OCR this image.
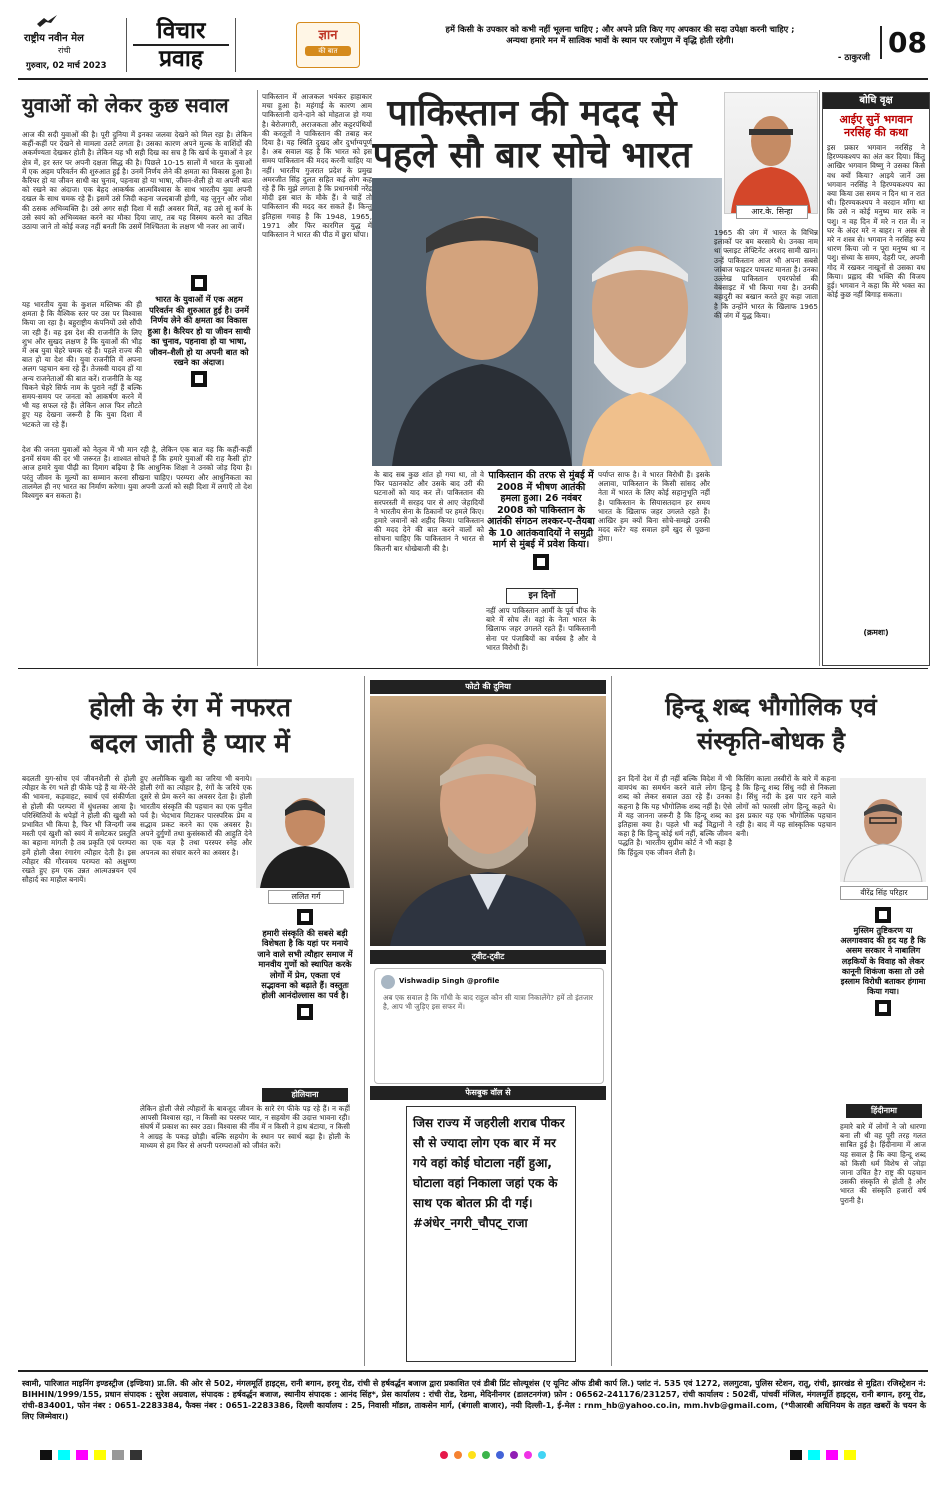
राष्ट्रीय नवीन मेल
रांची
गुरुवार, 02 मार्च 2023
विचार
प्रवाह
ज्ञान
की बात
हमें किसी के उपकार को कभी नहीं भूलना चाहिए ; और अपने प्रति किए गए अपकार की सदा उपेक्षा करनी चाहिए ;
अन्यथा हमारे मन में सात्विक भावों के स्थान पर रजोगुण में वृद्धि होती रहेगी।
- ठाकुरजी 08
युवाओं को लेकर कुछ सवाल
आज की सदी युवाओं की है। पूरी दुनिया में इनका जलवा देखने को मिल रहा है। लेकिन कहीं-कहीं पर देखने से मामला उलटे लगता है। उसका कारण अपने मुल्क के वाशिंदों की अकर्मण्यता देखकर होती है। लेकिन यह भी सही दिख का सच है कि खर्च के युवाओं ने हर क्षेत्र में, हर स्तर पर अपनी दक्षता सिद्ध की है। पिछले 10-15 सालों में भारत के युवाओं में एक अहम परिवर्तन की शुरुआत हुई है। उनमें निर्णय लेने की क्षमता का विकास हुआ है। कैरियर हो या जीवन साथी का चुनाव, पहनावा हो या भाषा, जीवन-शैली हो या अपनी बात को रखने का अंदाज। एक बेहद आकर्षक आत्मविश्वास के साथ भारतीय युवा अपनी दखल के साथ चमक रहे हैं। इसमें उसे जिदी कहना जल्दबाजी होगी, यह जुनून और जोश की ठसक अभिव्यक्ति है। उसे अगर सही दिशा में सही अवसर मिलें, वह उसे सुं कर्म के उसे स्वयं को अभिव्यक्त करने का मौका दिया जाए, तब यह विस्मय करने का उचित उठाया जाने तो कोई वजह नहीं बनती कि उसमें निश्चितता के लक्षण भी नजर आ जायें।
यह भारतीय युवा के कुशल मस्तिष्क की ही क्षमता है कि वैश्विक स्तर पर उस पर विश्वास किया जा रहा है। बहुराष्ट्रीय कंपनियों उसे सौंपी जा रही हैं। वह इस देश की राजनीति के लिए शुभ और सुखद लक्षण है कि युवाओं की भीड़ में अब युवा चेहरे चमक रहे हैं। पहले राज्य की बात हो या देश की। युवा राजनीति में अपना अलग पहचान बना रहे हैं। तेजस्वी यादव हों या अन्य राजनेताओं की बात करें। राजनीति के यह चिकने चेहरे सिर्फ नाम के पुराने नहीं हैं बल्कि समय-समय पर जनता को आकर्षण करने में भी यह सफल रहे हैं। लेकिन आज फिर लौटते हुए यह देखना जरूरी है कि युवा दिशा में भटकते जा रहे हैं।
भारत के युवाओं में एक अहम परिवर्तन की शुरुआत हुई है। उनमें निर्णय लेने की क्षमता का विकास हुआ है। कैरियर हो या जीवन साथी का चुनाव, पहनावा हो या भाषा, जीवन-शैली हो या अपनी बात को रखने का अंदाज।
देश की जनता युवाओं को नेतृत्व में भी मान रही है, लेकिन एक बात यह कि कहीं-कहीं इनमें संयम की दर भी जरूरत है। शाश्वत सोचते हैं कि हमारे युवाओं की राह कैसी हो? आज हमारे युवा पीढ़ी का दिमाग बढ़िया है कि आधुनिक शिक्षा ने उनको जोड़ दिया है। परंतु जीवन के मूल्यों का सम्मान करना सीखना चाहिए। परम्परा और आधुनिकता का तालमेल ही नए भारत का निर्माण करेगा। युवा अपनी ऊर्जा को सही दिशा में लगाएँ तो देश विश्वगुरु बन सकता है।
पाकिस्तान में आजकल भयंकर हाहाकार मचा हुआ है। महंगाई के कारण आम पाकिस्तानी दाने-दाने को मोहताज हो गया है। बेरोजगारी, अराजकता और कट्टरपंथियों की करतूतों ने पाकिस्तान की तबाह कर दिया है। यह स्थिति दुखद और दुर्भाग्यपूर्ण है। अब सवाल यह है कि भारत को इस समय पाकिस्तान की मदद करनी चाहिए या नहीं। भारतीय गुजरात प्रदेश के प्रमुख अमरजीत सिंह दुलत सहित कई लोग कह रहे हैं कि मुझे लगता है कि प्रधानमंत्री नरेंद्र मोदी इस बात के मौके हैं। वे चाहें तो पाकिस्तान की मदद कर सकते हैं। किन्तु इतिहास गवाह है कि 1948, 1965, 1971 और फिर कारगिल युद्ध में पाकिस्तान ने भारत की पीठ में छुरा घोंपा।
पाकिस्तान की मदद से पहले सौ बार सोचे भारत
आर.के. सिन्हा
के बाद सब कुछ शांत हो गया था, तो वे फिर पठानकोट और उसके बाद उरी की घटनाओं को याद कर लें। पाकिस्तान की सरपरस्ती में सरहद पार से आए जेहादियों ने भारतीय सेना के ठिकानों पर हमले किए। हमारे जवानों को शहीद किया। पाकिस्तान की मदद देने की बात करने वालों को सोचना चाहिए कि पाकिस्तान ने भारत से कितनी बार धोखेबाजी की है।
पाकिस्तान की तरफ से मुंबई में 2008 में भीषण आतंकी हमला हुआ। 26 नवंबर 2008 को पाकिस्तान के आतंकी संगठन लश्कर-ए-तैयबा के 10 आतंकवादियों ने समुद्री मार्ग से मुंबई में प्रवेश किया।
इन दिनों
नहीं आप पाकिस्तान आर्मी के पूर्व चीफ के बारे में सोच लें। वहां के नेता भारत के खिलाफ जहर उगलते रहते हैं। पाकिस्तानी सेना पर पंजाबियों का वर्चस्व है और वे भारत विरोधी हैं।
पर्याप्त साफ है। वे भारत विरोधी हैं। इसके अलावा, पाकिस्तान के किसी सांसद और नेता में भारत के लिए कोई सहानुभूति नहीं है। पाकिस्तान के सियासतदान हर समय भारत के खिलाफ जहर उगलते रहते हैं। आखिर हम क्यों बिना सोचे-समझे उनकी मदद करें? यह सवाल हमें खुद से पूछना होगा।
1965 की जंग में भारत के विभिन्न इलाकों पर बम बरसाये थे। उनका नाम था फ्लाइट लेफ्टिनेंट अरशद सामी खान। उन्हें पाकिस्तान आज भी अपना सबसे जांबाज फाइटर पायलट मानता है। उनका उल्लेख पाकिस्तान एयरफोर्स की वेबसाइट में भी किया गया है। उनकी बहादुरी का बखान करते हुए कहा जाता है कि उन्होंने भारत के खिलाफ 1965 की जंग में युद्ध किया।
बोधि वृक्ष
आईए सुनें भगवान नरसिंह की कथा
इस प्रकार भगवान नरसिंह ने हिरण्यकश्यप का अंत कर दिया। किंतु आखिर भगवान विष्णु ने उसका किसे वध क्यों किया? आइये जानें उस भगवान नरसिंह ने हिरण्यकश्यप का क्या किया उस समय न दिन था न रात थी। हिरण्यकश्यप ने वरदान माँगा था कि उसे न कोई मनुष्य मार सके न पशु। न वह दिन में मरे न रात में। न घर के अंदर मरे न बाहर। न अस्त्र से मरे न शस्त्र से। भगवान ने नरसिंह रूप धारण किया जो न पूरा मनुष्य था न पशु। संध्या के समय, देहरी पर, अपनी गोद में रखकर नाखूनों से उसका वध किया। प्रह्लाद की भक्ति की विजय हुई। भगवान ने कहा कि मेरे भक्त का कोई कुछ नहीं बिगाड़ सकता।
(क्रमशः)
होली के रंग में नफरत
बदल जाती है प्यार में
बदलती युग-सोच एवं जीवनशैली से होली त्यौहार के रंग भले ही फीके पड़े हैं या मेरे-तेरे की भावना, कड़वाहट, स्वार्थ एवं संकीर्णता से होली की परम्परा में धुंधलका आया है। परिस्थितियों के थपेड़ों ने होली की खुशी को प्रभावित भी किया है, फिर भी जिन्दगी जब मस्ती एवं खुशी को स्वयं में समेटकर प्रस्तुति का बहाना मांगती है तब प्रकृति एवं परम्परा हमें होली जैसा रंगारंग त्यौहार देती है। इस त्यौहार की गौरवमय परम्परा को अक्षुण्ण रखते हुए हम एक उन्नत आत्मउन्नयन एवं सौहार्द का माहौल बनायें।
हुए अलौकिक खुशी का जरिया भी बनाये। होली रंगों का त्योहार है, रंगों के जरिये एक दूसरे से प्रेम करने का अवसर देता है। होली भारतीय संस्कृति की पहचान का एक पुनीत पर्व है। भेदभाव मिटाकर पारस्परिक प्रेम व सद्भाव प्रकट करने का एक अवसर है। अपने दुर्गुणों तथा कुसंस्कारों की आहुति देने का एक यज्ञ है तथा परस्पर स्नेह और अपनत्व का संचार करने का अवसर है।
ललित गर्ग
हमारी संस्कृति की सबसे बड़ी विशेषता है कि यहां पर मनाये जाने वाले सभी त्यौहार समाज में मानवीय गुणों को स्थापित करके लोगों में प्रेम, एकता एवं सद्भावना को बढ़ाते हैं। वस्तुतः होली आनंदोल्लास का पर्व है।
होलियाना
लेकिन होली जैसे त्यौहारों के बावजूद जीवन के सारे रंग फीके पड़ रहे हैं। न कहीं आपसी विश्वास रहा, न किसी का परस्पर प्यार, न सहयोग की उदात्त भावना रही। संघर्ष में प्रकाश का स्वर उठा। विश्वास की नींव में न किसी ने हाथ बंटाया, न किसी ने आग्रह के पकड़ छोड़ी। बल्कि सहयोग के स्थान पर स्वार्थ बढ़ा है। होली के माध्यम से हम फिर से अपनी परम्पराओं को जीवंत करें।
फोटो की दुनिया
ट्वीट-ट्वीट
Vishwadip Singh @profile
अब एक सवाल है कि गाँधी के बाद राहुल कौन सी यात्रा निकालेंगे? हमें तो इंतजार है, आप भी जुड़िए इस सफर में।
फेसबुक वॉल से
जिस राज्य में जहरीली शराब पीकर सौ से ज्यादा लोग एक बार में मर गये वहां कोई घोटाला नहीं हुआ, घोटाला वहां निकाला जहां एक के साथ एक बोतल फ्री दी गई। #अंधेर_नगरी_चौपट्_राजा
हिन्दू शब्द भौगोलिक एवं
संस्कृति-बोधक है
इन दिनों देश में ही नहीं बल्कि विदेश में भी वामपंथ का समर्थन करने वाले लोग हिन्दू शब्द को लेकर सवाल उठा रहे हैं। उनका कहना है कि यह भौगोलिक शब्द नहीं है। ऐसे में यह जानना जरूरी है कि हिन्दू शब्द का इतिहास क्या है। पहले भी कई विद्वानों ने कहा है कि हिन्दू कोई धर्म नहीं, बल्कि जीवन पद्धति है। भारतीय सुप्रीम कोर्ट ने भी कहा है कि हिंदुत्व एक जीवन शैली है।
किसिंग काला तस्वीरों के बारे में कहना है कि हिन्दू शब्द सिंधु नदी से निकला है। सिंधु नदी के इस पार रहने वाले लोगों को फारसी लोग हिन्दू कहते थे। इस प्रकार यह एक भौगोलिक पहचान रही है। बाद में यह सांस्कृतिक पहचान बनी।
वीरेंद्र सिंह परिहार
मुस्लिम तुष्टिकरण या अलगाववाद की हद यह है कि असम सरकार ने नाबालिग लड़कियों के विवाह को लेकर कानूनी शिकंजा कसा तो उसे इस्लाम विरोधी बताकर हंगामा किया गया।
हिंदीनामा
हमारे बारे में लोगों ने जो धारणा बना ली थी वह पूरी तरह गलत साबित हुई है। हिंदीनामा में आज यह सवाल है कि क्या हिन्दू शब्द को किसी धर्म विशेष से जोड़ा जाना उचित है? राष्ट्र की पहचान उसकी संस्कृति से होती है और भारत की संस्कृति हजारों वर्ष पुरानी है।
स्वामी, पारिजात माइनिंग इण्डस्ट्रीज (इण्डिया) प्रा.लि. की ओर से 502, मंगलमूर्ति हाइट्स, रानी बगान, हरमू रोड, रांची से हर्षवर्द्धन बजाज द्वारा प्रकाशित एवं डीबी प्रिंट सोल्यूशंस (ए यूनिट ऑफ डीबी कार्प लि.) प्लांट नं. 535 एवं 1272, ललगुटवा, पुलिस स्टेशन, रातू, रांची, झारखंड से मुद्रित। रजिस्ट्रेशन नं: BIHHIN/1999/155, प्रधान संपादक : सुरेश अग्रवाल, संपादक : हर्षवर्द्धन बजाज, स्थानीय संपादक : आनंद सिंह*, प्रेस कार्यालय : रांची रोड, रेडमा, मेदिनीनगर (डालटनगंज) फ़ोन : 06562-241176/231257, रांची कार्यालय : 502वीं, पांचवीं मंजिल, मंगलमूर्ति हाइट्स, रानी बगान, हरमू रोड, रांची-834001, फोन नंबर : 0651-2283384, फैक्स नंबर : 0651-2283386, दिल्ली कार्यालय : 25, निवासी मॉडल, ताकसेन मार्ग, (बंगाली बाजार), नयी दिल्ली-1, ई-मेल : rnm_hb@yahoo.co.in, mm.hvb@gmail.com, (*पीआरबी अधिनियम के तहत खबरों के चयन के लिए जिम्मेवार।)
